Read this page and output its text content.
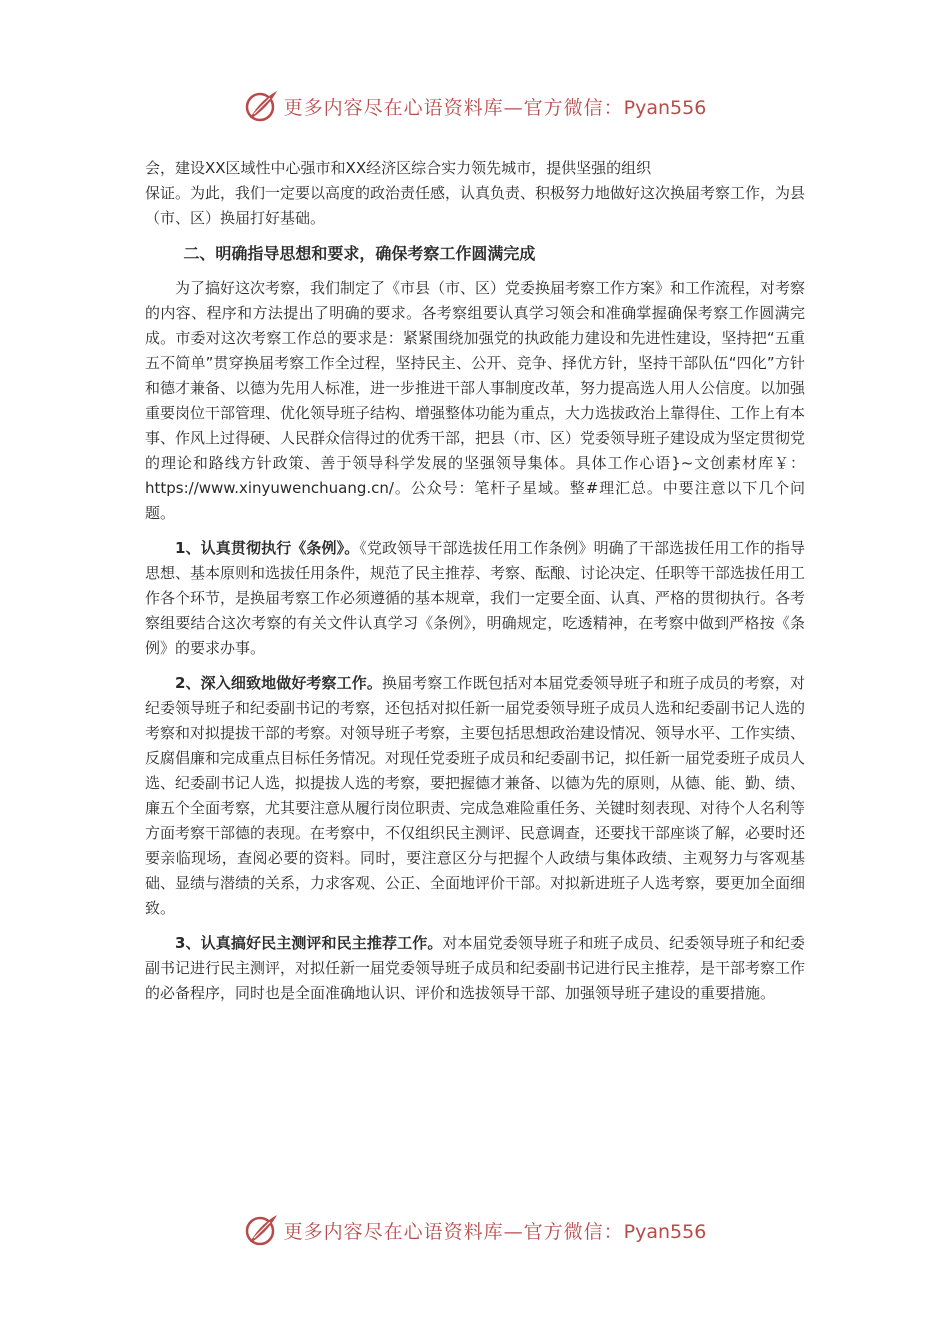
更多内容尽在心语资料库—官方微信：Pyan556

会，建设XX区域性中心强市和XX经济区综合实力领先城市，提供坚强的组织

保证。为此，我们一定要以高度的政治责任感，认真负责、积极努力地做好这次换届考察工作，为县（市、区）换届打好基础。

二、明确指导思想和要求，确保考察工作圆满完成

为了搞好这次考察，我们制定了《市县（市、区）党委换届考察工作方案》和工作流程，对考察的内容、程序和方法提出了明确的要求。各考察组要认真学习领会和准确掌握确保考察工作圆满完成。市委对这次考察工作总的要求是：紧紧围绕加强党的执政能力建设和先进性建设，坚持把“五重五不简单”贯穿换届考察工作全过程，坚持民主、公开、竞争、择优方针，坚持干部队伍“四化”方针和德才兼备、以德为先用人标准，进一步推进干部人事制度改革，努力提高选人用人公信度。以加强重要岗位干部管理、优化领导班子结构、增强整体功能为重点，大力选拔政治上靠得住、工作上有本事、作风上过得硬、人民群众信得过的优秀干部，把县（市、区）党委领导班子建设成为坚定贯彻党的理论和路线方针政策、善于领导科学发展的坚强领导集体。具体工作心语}~文创素材库￥：https://www.xinyuwenchuang.cn/。公众号：笔杆子星域。整#理汇总。中要注意以下几个问题。

1、认真贯彻执行《条例》。《党政领导干部选拔任用工作条例》明确了干部选拔任用工作的指导思想、基本原则和选拔任用条件，规范了民主推荐、考察、酝酿、讨论决定、任职等干部选拔任用工作各个环节，是换届考察工作必须遵循的基本规章，我们一定要全面、认真、严格的贯彻执行。各考察组要结合这次考察的有关文件认真学习《条例》，明确规定，吃透精神，在考察中做到严格按《条例》的要求办事。

2、深入细致地做好考察工作。换届考察工作既包括对本届党委领导班子和班子成员的考察，对纪委领导班子和纪委副书记的考察，还包括对拟任新一届党委领导班子成员人选和纪委副书记人选的考察和对拟提拔干部的考察。对领导班子考察，主要包括思想政治建设情况、领导水平、工作实绩、反腐倡廉和完成重点目标任务情况。对现任党委班子成员和纪委副书记，拟任新一届党委班子成员人选、纪委副书记人选，拟提拔人选的考察，要把握德才兼备、以德为先的原则，从德、能、勤、绩、廉五个全面考察，尤其要注意从履行岗位职责、完成急难险重任务、关键时刻表现、对待个人名利等方面考察干部德的表现。在考察中，不仅组织民主测评、民意调查，还要找干部座谈了解，必要时还要亲临现场，查阅必要的资料。同时，要注意区分与把握个人政绩与集体政绩、主观努力与客观基础、显绩与潜绩的关系，力求客观、公正、全面地评价干部。对拟新进班子人选考察，要更加全面细致。

3、认真搞好民主测评和民主推荐工作。对本届党委领导班子和班子成员、纪委领导班子和纪委副书记进行民主测评，对拟任新一届党委领导班子成员和纪委副书记进行民主推荐，是干部考察工作的必备程序，同时也是全面准确地认识、评价和选拔领导干部、加强领导班子建设的重要措施。

更多内容尽在心语资料库—官方微信：Pyan556
